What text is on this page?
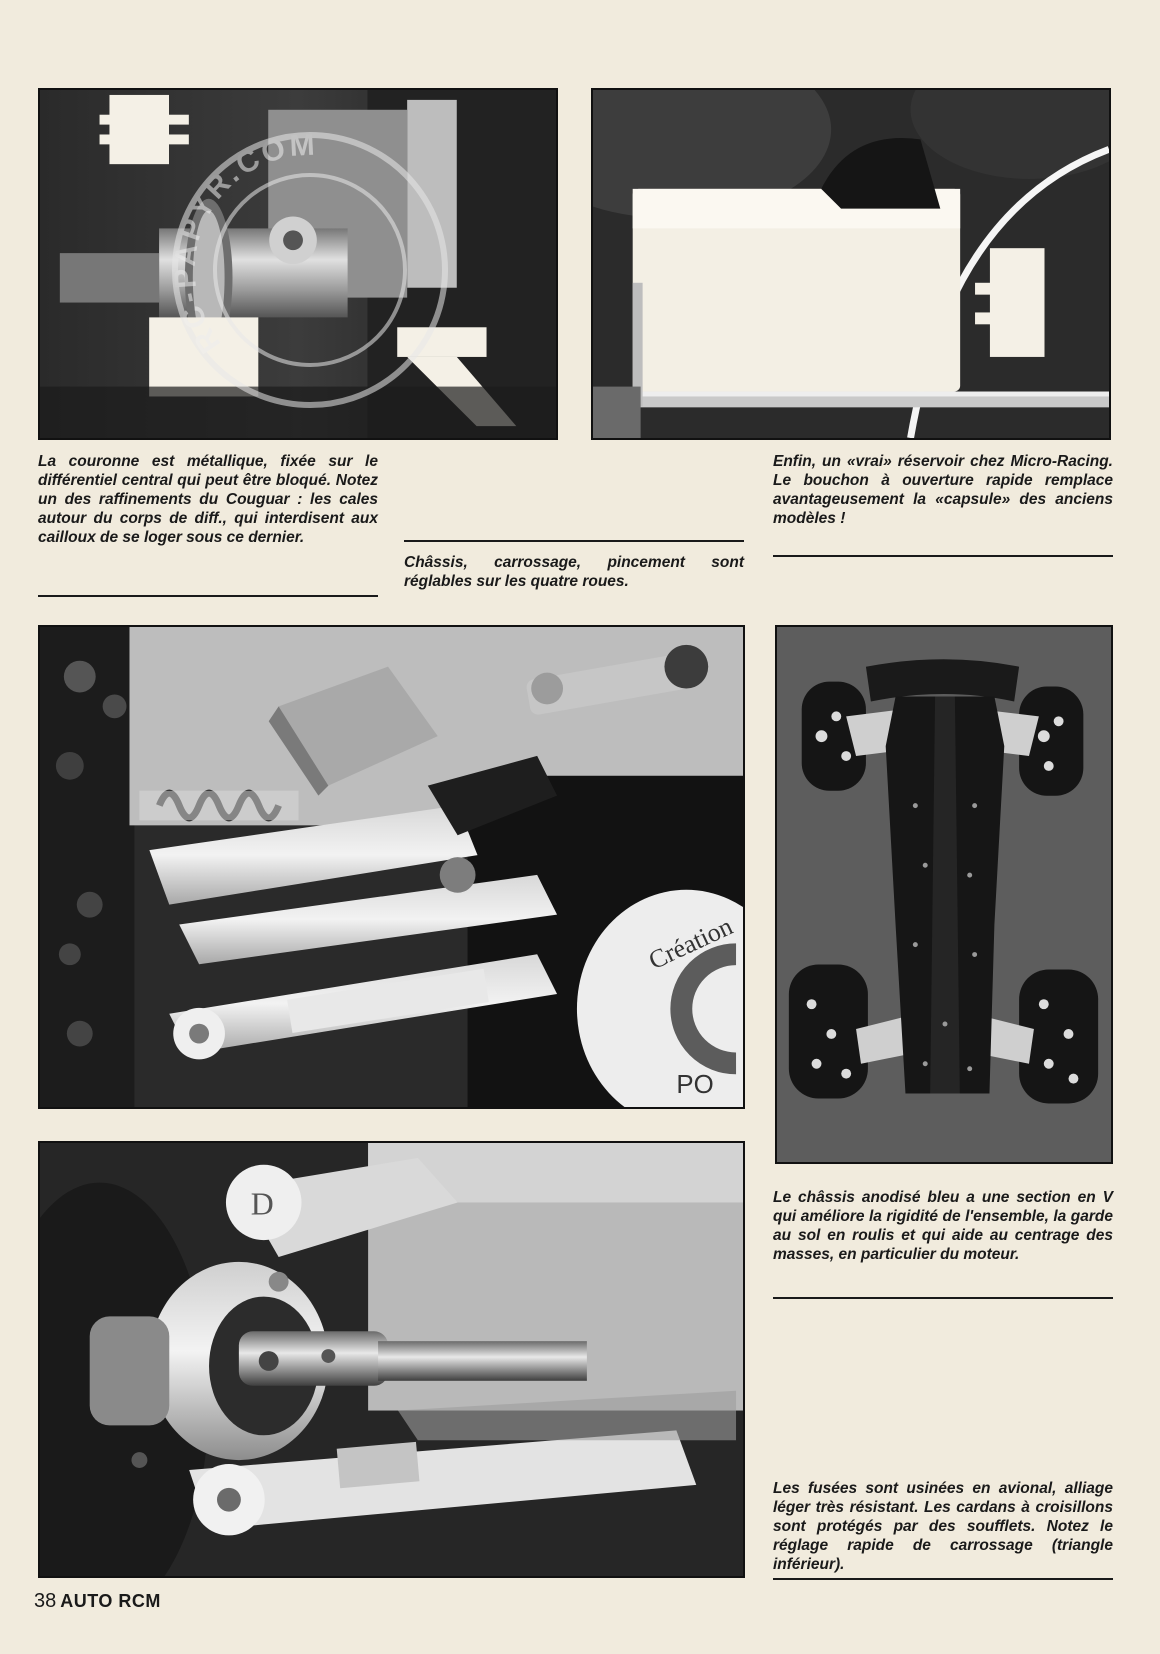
Création
PO
D
RC-PAPYR.COM
La couronne est métallique, fixée sur le différentiel central qui peut être bloqué. Notez un des raffinements du Couguar : les cales autour du corps de diff., qui interdisent aux cailloux de se loger sous ce dernier.
Châssis, carrossage, pincement sont réglables sur les quatre roues.
Enfin, un «vrai» réservoir chez Micro-Racing. Le bouchon à ouverture rapide remplace avantageusement la «capsule» des anciens modèles !
Le châssis anodisé bleu a une section en V qui améliore la rigidité de l'ensemble, la garde au sol en roulis et qui aide au centrage des masses, en particulier du moteur.
Les fusées sont usinées en avional, alliage léger très résistant. Les cardans à croisillons sont protégés par des soufflets. Notez le réglage rapide de carrossage (triangle inférieur).
38 AUTO RCM
